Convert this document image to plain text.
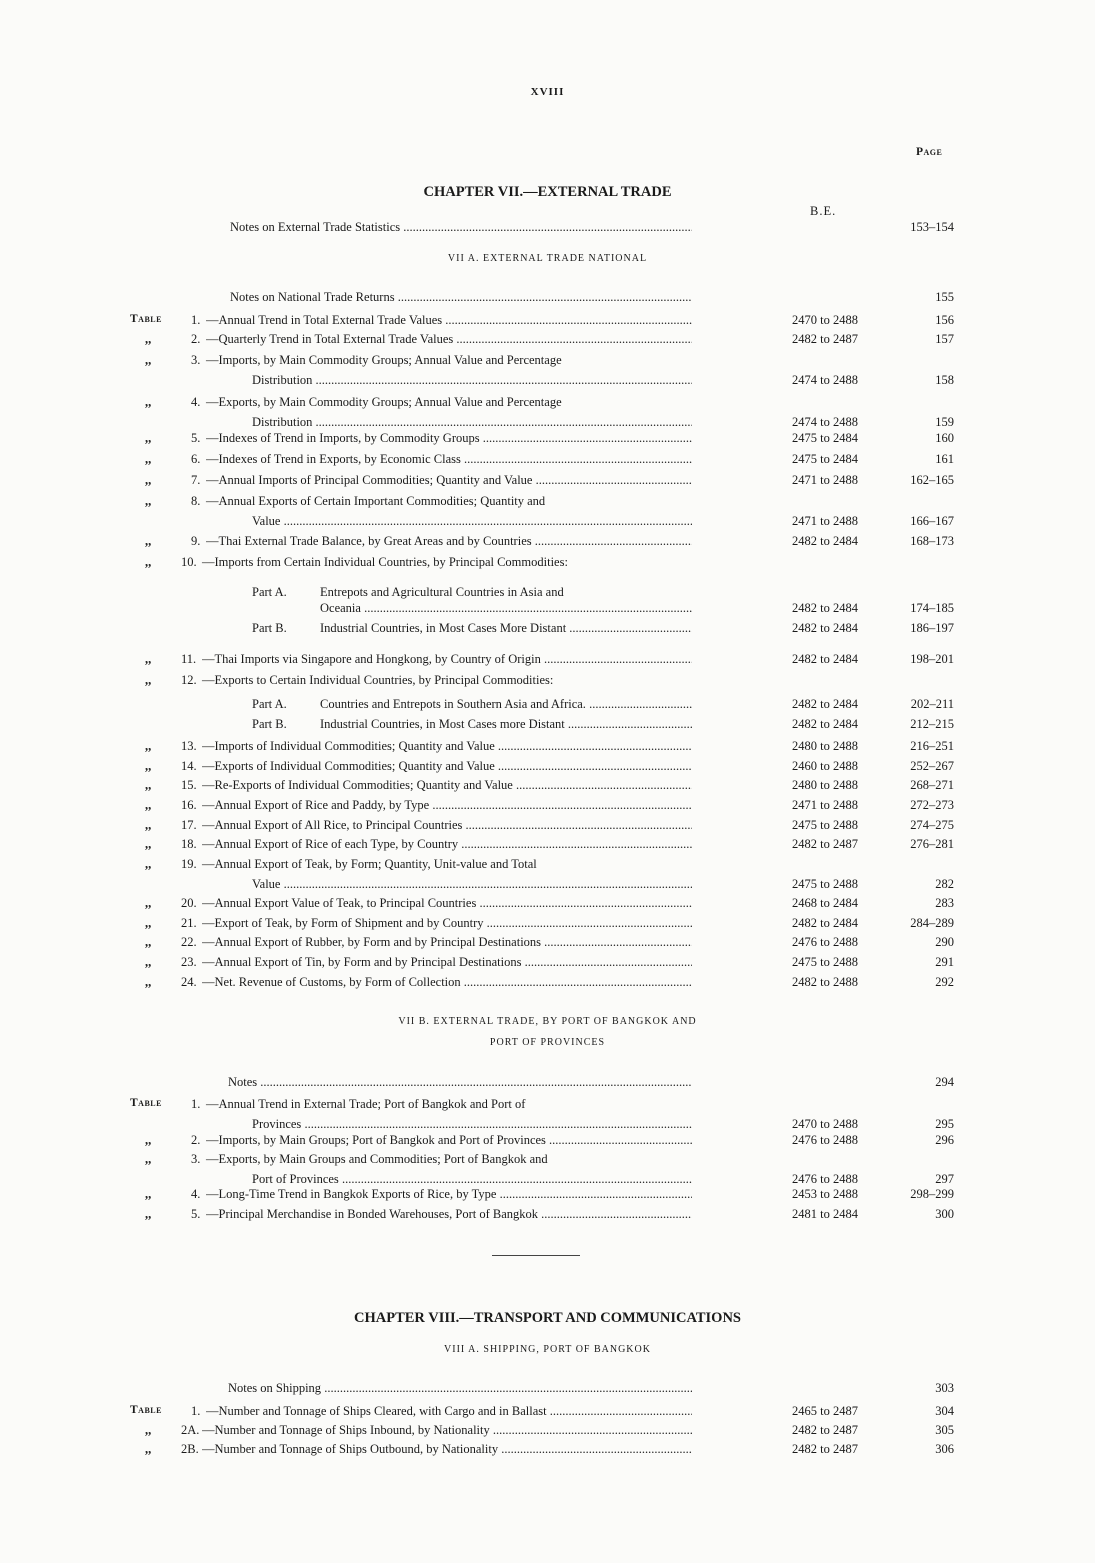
XVIII
Page
CHAPTER VII.—EXTERNAL TRADE
B.E.
Notes on External Trade Statistics .....	153–154
VII A. EXTERNAL TRADE NATIONAL
Notes on National Trade Returns .....	155
Table 1. —Annual Trend in Total External Trade Values .....	2470 to 2488	156
,,	2. —Quarterly Trend in Total External Trade Values .....	2482 to 2487	157
,,	3. —Imports, by Main Commodity Groups; Annual Value and Percentage
Distribution .....	2474 to 2488	158
,,	4. —Exports, by Main Commodity Groups; Annual Value and Percentage
Distribution .....	2474 to 2488	159
,,	5. —Indexes of Trend in Imports, by Commodity Groups .....	2475 to 2484	160
,,	6. —Indexes of Trend in Exports, by Economic Class .....	2475 to 2484	161
,,	7. —Annual Imports of Principal Commodities; Quantity and Value .....	2471 to 2488	162–165
,,	8. —Annual Exports of Certain Important Commodities; Quantity and
Value .....	2471 to 2488	166–167
,,	9. —Thai External Trade Balance, by Great Areas and by Countries .....	2482 to 2484	168–173
,, 10. —Imports from Certain Individual Countries, by Principal Commodities:
Part A.	Entrepots and Agricultural Countries in Asia and
Oceania .....	2482 to 2484	174–185
Part B.	Industrial Countries, in Most Cases More Distant .....	2482 to 2484	186–197
,, 11. —Thai Imports via Singapore and Hongkong, by Country of Origin .....	2482 to 2484	198–201
,, 12. —Exports to Certain Individual Countries, by Principal Commodities:
Part A.	Countries and Entrepots in Southern Asia and Africa. .....	2482 to 2484	202–211
Part B.	Industrial Countries, in Most Cases more Distant .....	2482 to 2484	212–215
,, 13. —Imports of Individual Commodities; Quantity and Value .....	2480 to 2488	216–251
,, 14. —Exports of Individual Commodities; Quantity and Value .....	2460 to 2488	252–267
,, 15. —Re-Exports of Individual Commodities; Quantity and Value .....	2480 to 2488	268–271
,, 16. —Annual Export of Rice and Paddy, by Type .....	2471 to 2488	272–273
,, 17. —Annual Export of All Rice, to Principal Countries .....	2475 to 2488	274–275
,, 18. —Annual Export of Rice of each Type, by Country .....	2482 to 2487	276–281
,, 19. —Annual Export of Teak, by Form; Quantity, Unit-value and Total
Value .....	2475 to 2488	282
,, 20. —Annual Export Value of Teak, to Principal Countries .....	2468 to 2484	283
,, 21. —Export of Teak, by Form of Shipment and by Country .....	2482 to 2484	284–289
,, 22. —Annual Export of Rubber, by Form and by Principal Destinations .....	2476 to 2488	290
,, 23. —Annual Export of Tin, by Form and by Principal Destinations .....	2475 to 2488	291
,, 24. —Net. Revenue of Customs, by Form of Collection .....	2482 to 2488	292
VII B. EXTERNAL TRADE, BY PORT OF BANGKOK AND
PORT OF PROVINCES
Notes .....	294
Table 1. —Annual Trend in External Trade; Port of Bangkok and Port of
Provinces .....	2470 to 2488	295
,,	2. —Imports, by Main Groups; Port of Bangkok and Port of Provinces .....	2476 to 2488	296
,,	3. —Exports, by Main Groups and Commodities; Port of Bangkok and
Port of Provinces .....	2476 to 2488	297
,,	4. —Long-Time Trend in Bangkok Exports of Rice, by Type .....	2453 to 2488	298–299
,,	5. —Principal Merchandise in Bonded Warehouses, Port of Bangkok .....	2481 to 2484	300
CHAPTER VIII.—TRANSPORT AND COMMUNICATIONS
VIII A. SHIPPING, PORT OF BANGKOK
Notes on Shipping .....	303
Table 1. —Number and Tonnage of Ships Cleared, with Cargo and in Ballast .....	2465 to 2487	304
,, 2A. —Number and Tonnage of Ships Inbound, by Nationality .....	2482 to 2487	305
,, 2B. —Number and Tonnage of Ships Outbound, by Nationality .....	2482 to 2487	306
